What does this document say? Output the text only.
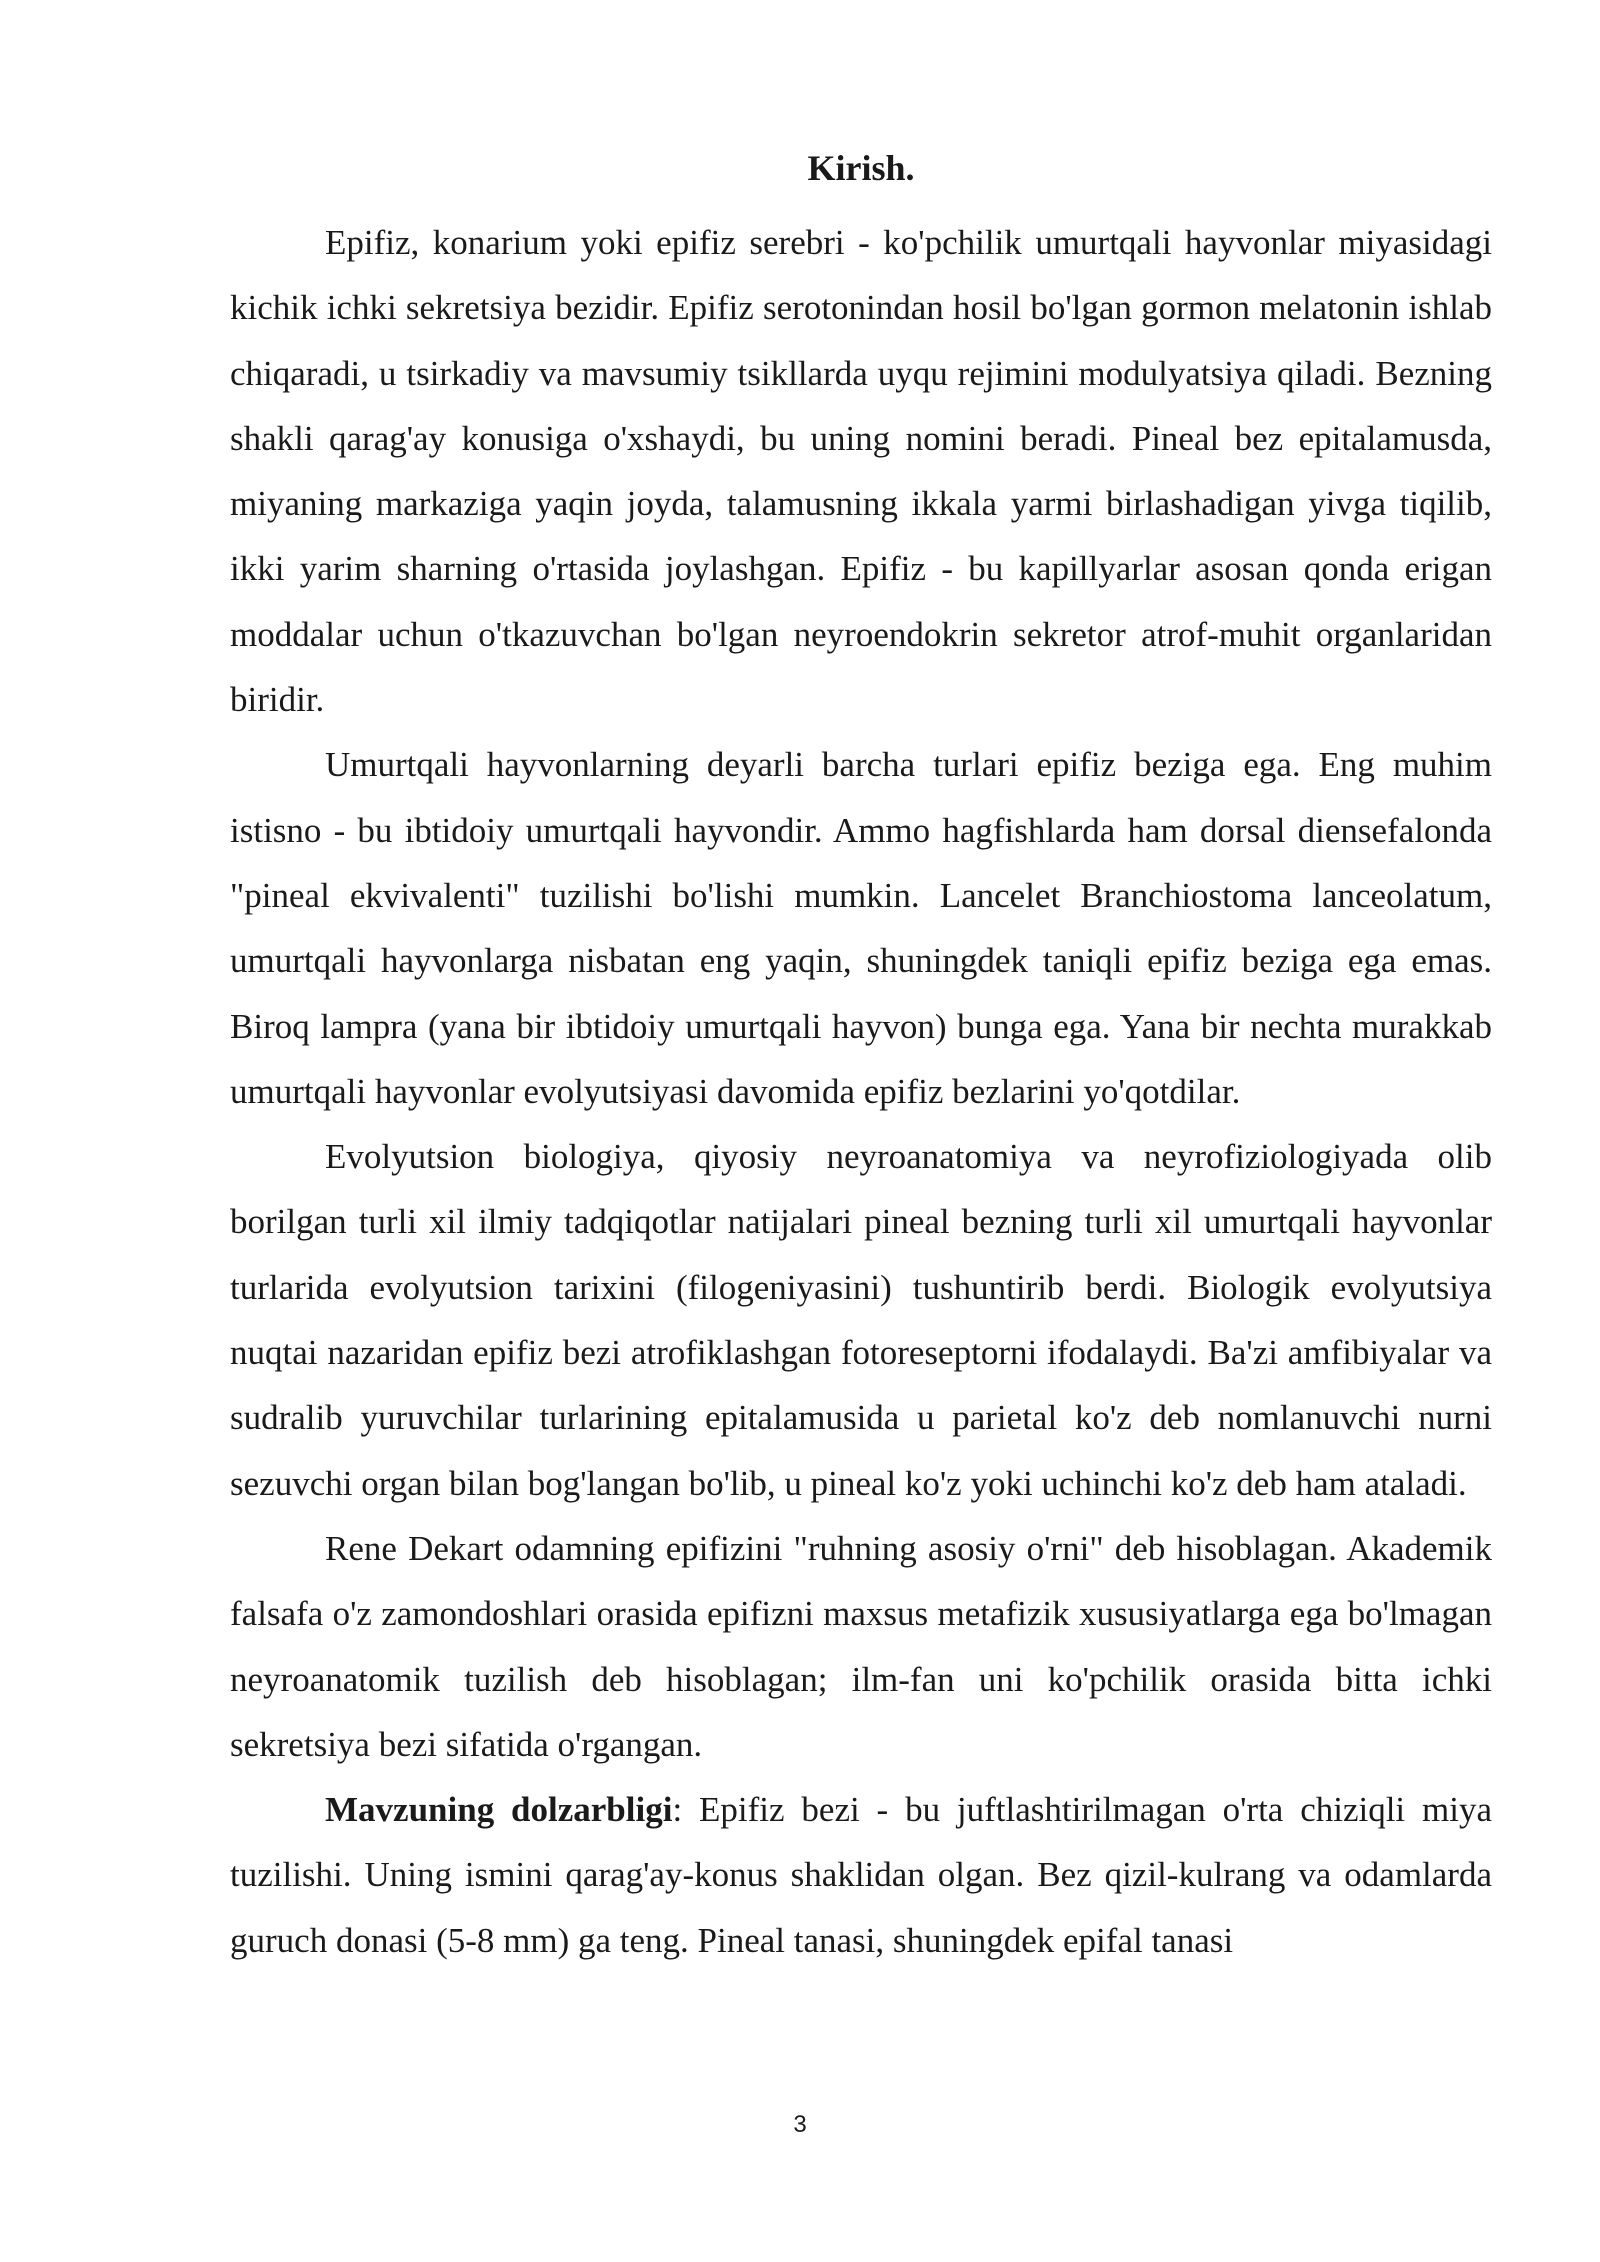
Kirish.

Epifiz, konarium yoki epifiz serebri - ko'pchilik umurtqali hayvonlar miyasidagi kichik ichki sekretsiya bezidir. Epifiz serotonindan hosil bo'lgan gormon melatonin ishlab chiqaradi, u tsirkadiy va mavsumiy tsikllarda uyqu rejimini modulyatsiya qiladi. Bezning shakli qarag'ay konusiga o'xshaydi, bu uning nomini beradi. Pineal bez epitalamusda, miyaning markaziga yaqin joyda, talamusning ikkala yarmi birlashadigan yivga tiqilib, ikki yarim sharning o'rtasida joylashgan. Epifiz - bu kapillyarlar asosan qonda erigan moddalar uchun o'tkazuvchan bo'lgan neyroendokrin sekretor atrof-muhit organlaridan biridir.

Umurtqali hayvonlarning deyarli barcha turlari epifiz beziga ega. Eng muhim istisno - bu ibtidoiy umurtqali hayvondir. Ammo hagfishlarda ham dorsal diensefalonda "pineal ekvivalenti" tuzilishi bo'lishi mumkin. Lancelet Branchiostoma lanceolatum, umurtqali hayvonlarga nisbatan eng yaqin, shuningdek taniqli epifiz beziga ega emas. Biroq lampra (yana bir ibtidoiy umurtqali hayvon) bunga ega. Yana bir nechta murakkab umurtqali hayvonlar evolyutsiyasi davomida epifiz bezlarini yo'qotdilar.

Evolyutsion biologiya, qiyosiy neyroanatomiya va neyrofiziologiyada olib borilgan turli xil ilmiy tadqiqotlar natijalari pineal bezning turli xil umurtqali hayvonlar turlarida evolyutsion tarixini (filogeniyasini) tushuntirib berdi. Biologik evolyutsiya nuqtai nazaridan epifiz bezi atrofiklashgan fotoreseptorni ifodalaydi. Ba'zi amfibiyalar va sudralib yuruvchilar turlarining epitalamusida u parietal ko'z deb nomlanuvchi nurni sezuvchi organ bilan bog'langan bo'lib, u pineal ko'z yoki uchinchi ko'z deb ham ataladi.

Rene Dekart odamning epifizini "ruhning asosiy o'rni" deb hisoblagan. Akademik falsafa o'z zamondoshlari orasida epifizni maxsus metafizik xususiyatlarga ega bo'lmagan neyroanatomik tuzilish deb hisoblagan; ilm-fan uni ko'pchilik orasida bitta ichki sekretsiya bezi sifatida o'rgangan.

Mavzuning dolzarbligi: Epifiz bezi - bu juftlashtirilmagan o'rta chiziqli miya tuzilishi. Uning ismini qarag'ay-konus shaklidan olgan. Bez qizil-kulrang va odamlarda guruch donasi (5-8 mm) ga teng. Pineal tanasi, shuningdek epifal tanasi

3
